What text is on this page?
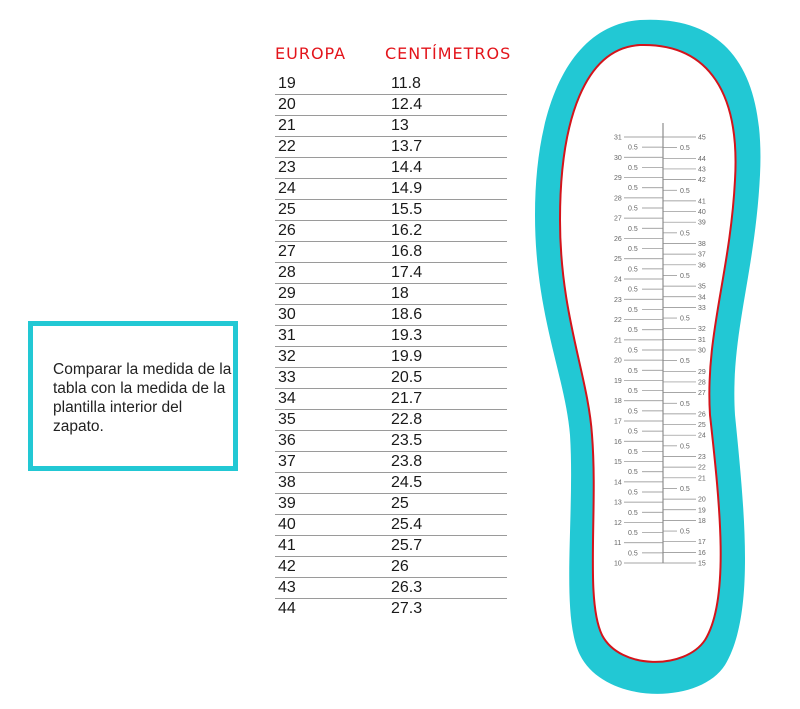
Comparar la medida de la tabla con la medida de la plantilla interior del zapato.
EUROPA CENTÍMETROS
19	11.8
20	12.4
21	13
22	13.7
23	14.4
24	14.9
25	15.5
26	16.2
27	16.8
28	17.4
29	18
30	18.6
31	19.3
32	19.9
33	20.5
34	21.7
35	22.8
36	23.5
37	23.8
38	24.5
39	25
40	25.4
41	25.7
42	26
43	26.3
44	27.3
31
0.5
30
0.5
29
0.5
28
0.5
27
0.5
26
0.5
25
0.5
24
0.5
23
0.5
22
0.5
21
0.5
20
0.5
19
0.5
18
0.5
17
0.5
16
0.5
15
0.5
14
0.5
13
0.5
12
0.5
11
0.5
10
45
0.5
44
43
42
0.5
41
40
39
0.5
38
37
36
0.5
35
34
33
0.5
32
31
30
0.5
29
28
27
0.5
26
25
24
0.5
23
22
21
0.5
20
19
18
0.5
17
16
15
